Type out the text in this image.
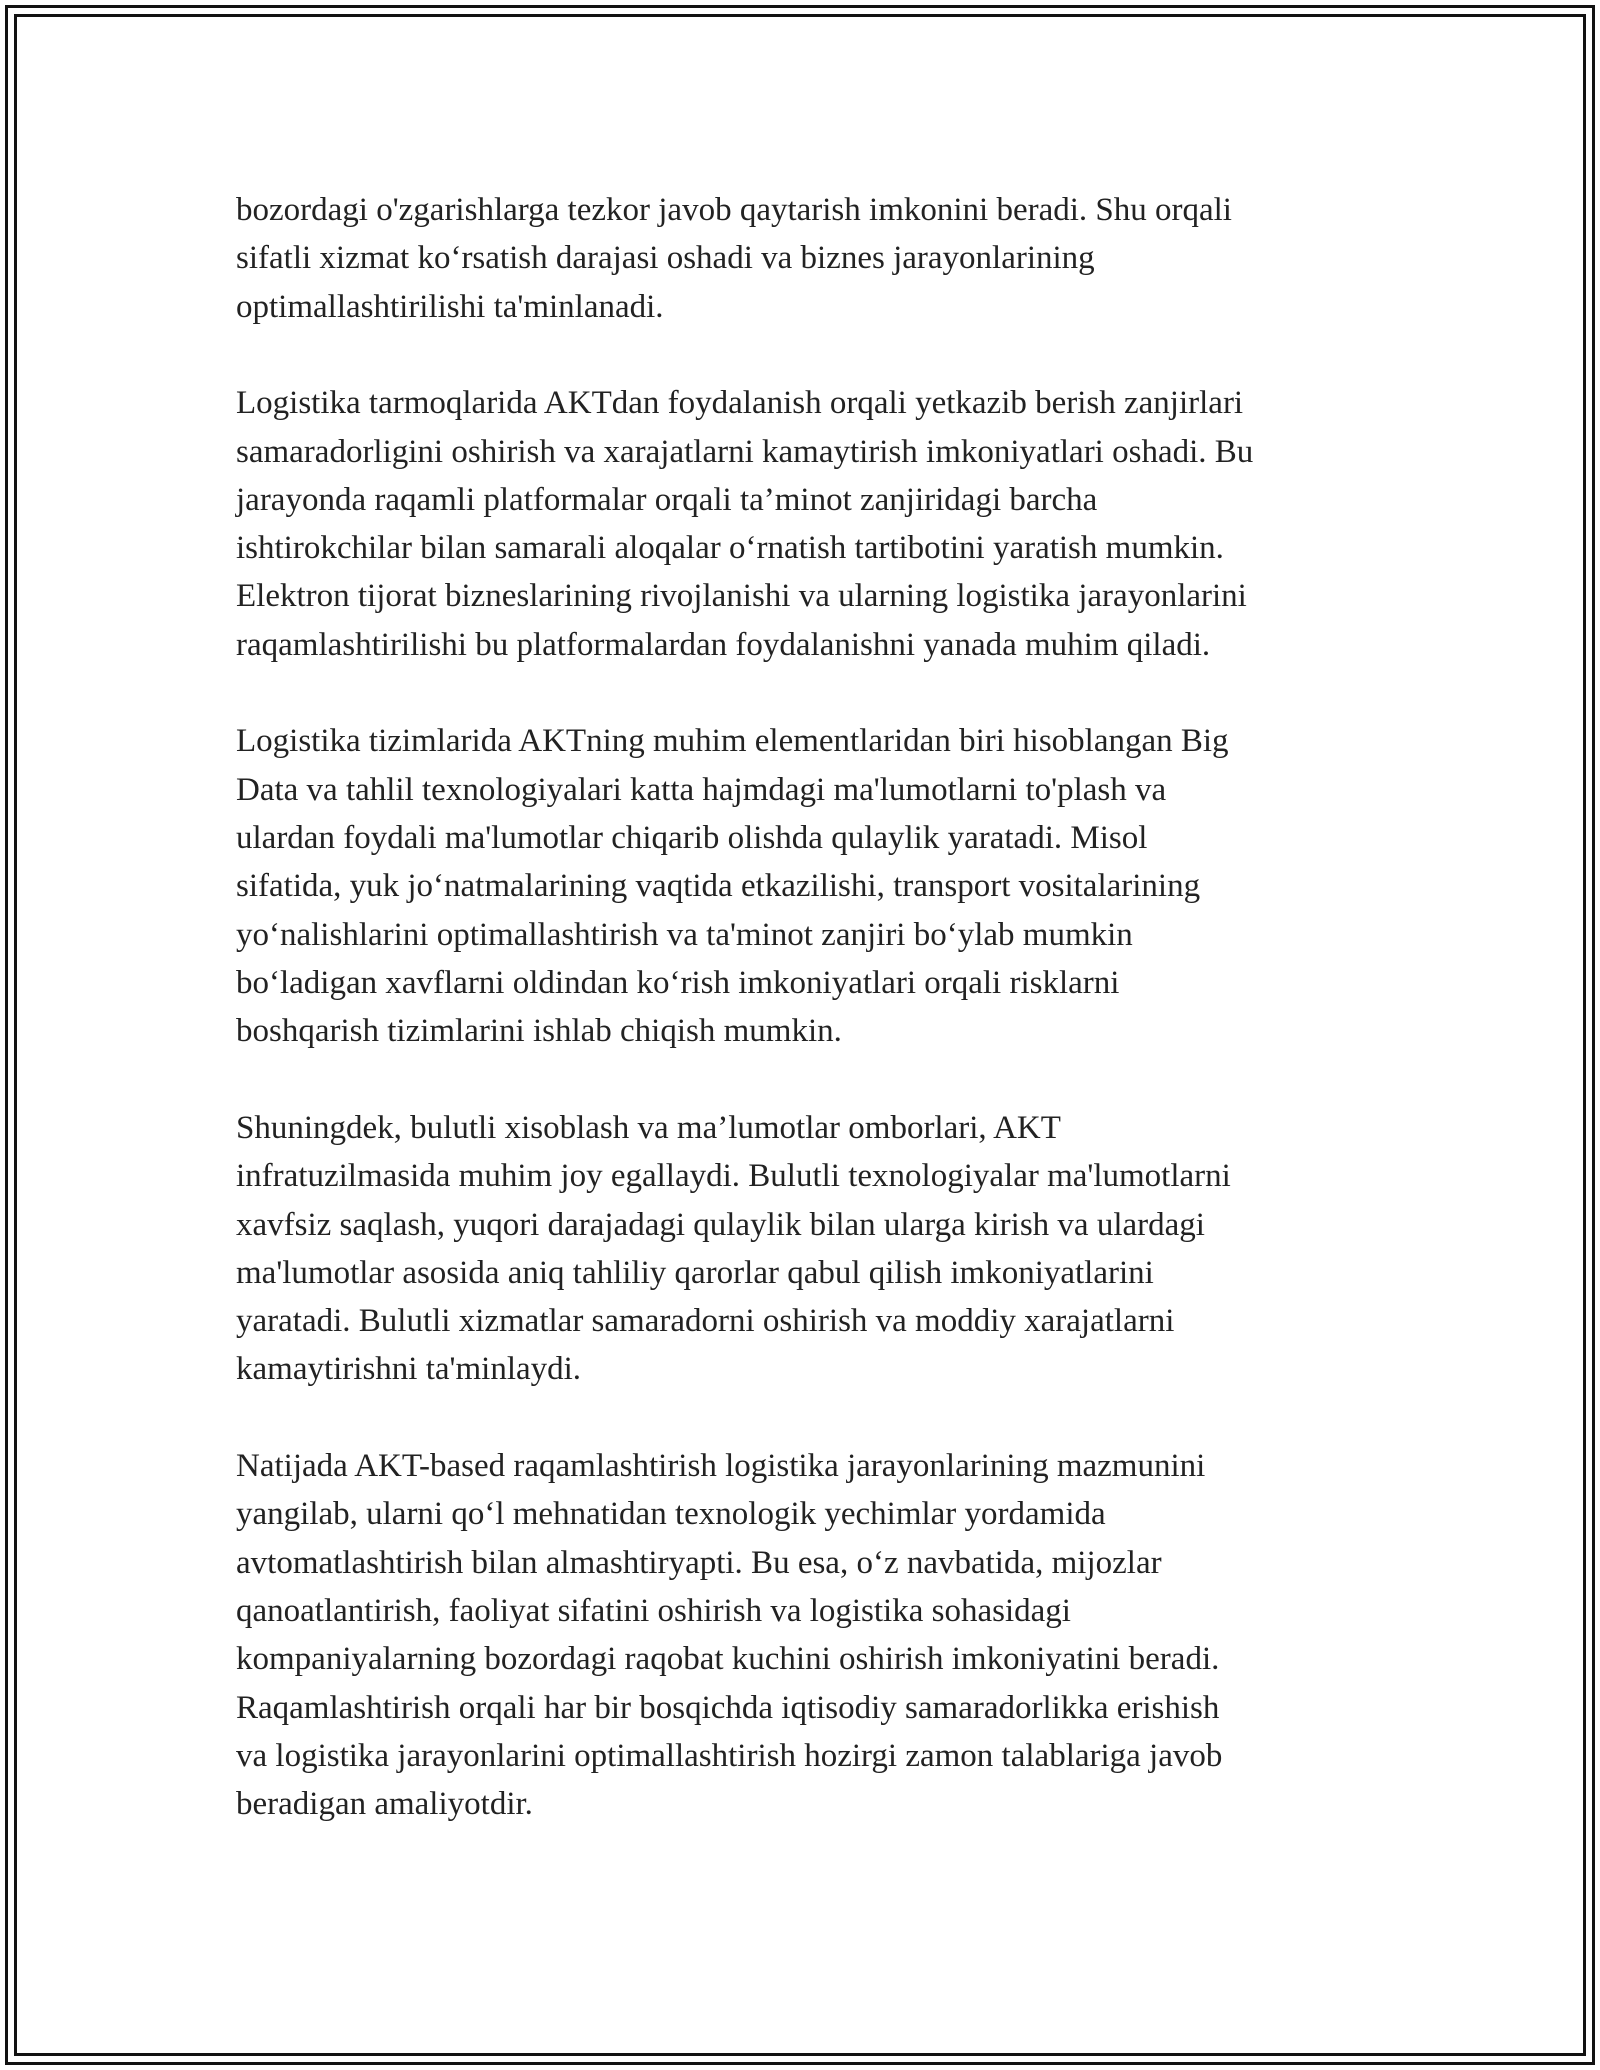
bozordagi o'zgarishlarga tezkor javob qaytarish imkonini beradi. Shu orqali
sifatli xizmat ko‘rsatish darajasi oshadi va biznes jarayonlarining
optimallashtirilishi ta'minlanadi.

Logistika tarmoqlarida AKTdan foydalanish orqali yetkazib berish zanjirlari
samaradorligini oshirish va xarajatlarni kamaytirish imkoniyatlari oshadi. Bu
jarayonda raqamli platformalar orqali ta’minot zanjiridagi barcha
ishtirokchilar bilan samarali aloqalar o‘rnatish tartibotini yaratish mumkin.
Elektron tijorat bizneslarining rivojlanishi va ularning logistika jarayonlarini
raqamlashtirilishi bu platformalardan foydalanishni yanada muhim qiladi.

Logistika tizimlarida AKTning muhim elementlaridan biri hisoblangan Big
Data va tahlil texnologiyalari katta hajmdagi ma'lumotlarni to'plash va
ulardan foydali ma'lumotlar chiqarib olishda qulaylik yaratadi. Misol
sifatida, yuk jo‘natmalarining vaqtida etkazilishi, transport vositalarining
yo‘nalishlarini optimallashtirish va ta'minot zanjiri bo‘ylab mumkin
bo‘ladigan xavflarni oldindan ko‘rish imkoniyatlari orqali risklarni
boshqarish tizimlarini ishlab chiqish mumkin.

Shuningdek, bulutli xisoblash va ma’lumotlar omborlari, AKT
infratuzilmasida muhim joy egallaydi. Bulutli texnologiyalar ma'lumotlarni
xavfsiz saqlash, yuqori darajadagi qulaylik bilan ularga kirish va ulardagi
ma'lumotlar asosida aniq tahliliy qarorlar qabul qilish imkoniyatlarini
yaratadi. Bulutli xizmatlar samaradorni oshirish va moddiy xarajatlarni
kamaytirishni ta'minlaydi.

Natijada AKT-based raqamlashtirish logistika jarayonlarining mazmunini
yangilab, ularni qo‘l mehnatidan texnologik yechimlar yordamida
avtomatlashtirish bilan almashtiryapti. Bu esa, o‘z navbatida, mijozlar
qanoatlantirish, faoliyat sifatini oshirish va logistika sohasidagi
kompaniyalarning bozordagi raqobat kuchini oshirish imkoniyatini beradi.
Raqamlashtirish orqali har bir bosqichda iqtisodiy samaradorlikka erishish
va logistika jarayonlarini optimallashtirish hozirgi zamon talablariga javob
beradigan amaliyotdir.
